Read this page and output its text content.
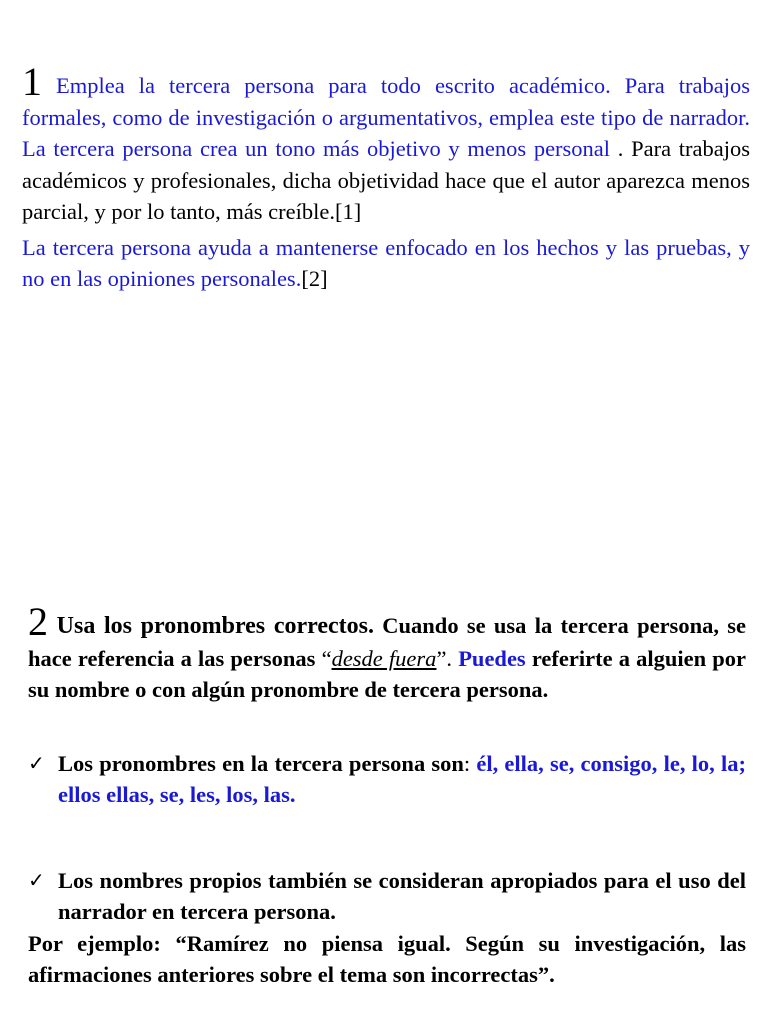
1 Emplea la tercera persona para todo escrito académico. Para trabajos formales, como de investigación o argumentativos, emplea este tipo de narrador. La tercera persona crea un tono más objetivo y menos personal . Para trabajos académicos y profesionales, dicha objetividad hace que el autor aparezca menos parcial, y por lo tanto, más creíble.[1]

La tercera persona ayuda a mantenerse enfocado en los hechos y las pruebas, y no en las opiniones personales.[2]

2 Usa los pronombres correctos. Cuando se usa la tercera persona, se hace referencia a las personas “desde fuera”. Puedes referirte a alguien por su nombre o con algún pronombre de tercera persona.

✓ Los pronombres en la tercera persona son: él, ella, se, consigo, le, lo, la; ellos ellas, se, les, los, las.
✓ Los nombres propios también se consideran apropiados para el uso del narrador en tercera persona.

Por ejemplo: “Ramírez no piensa igual. Según su investigación, las afirmaciones anteriores sobre el tema son incorrectas”.
